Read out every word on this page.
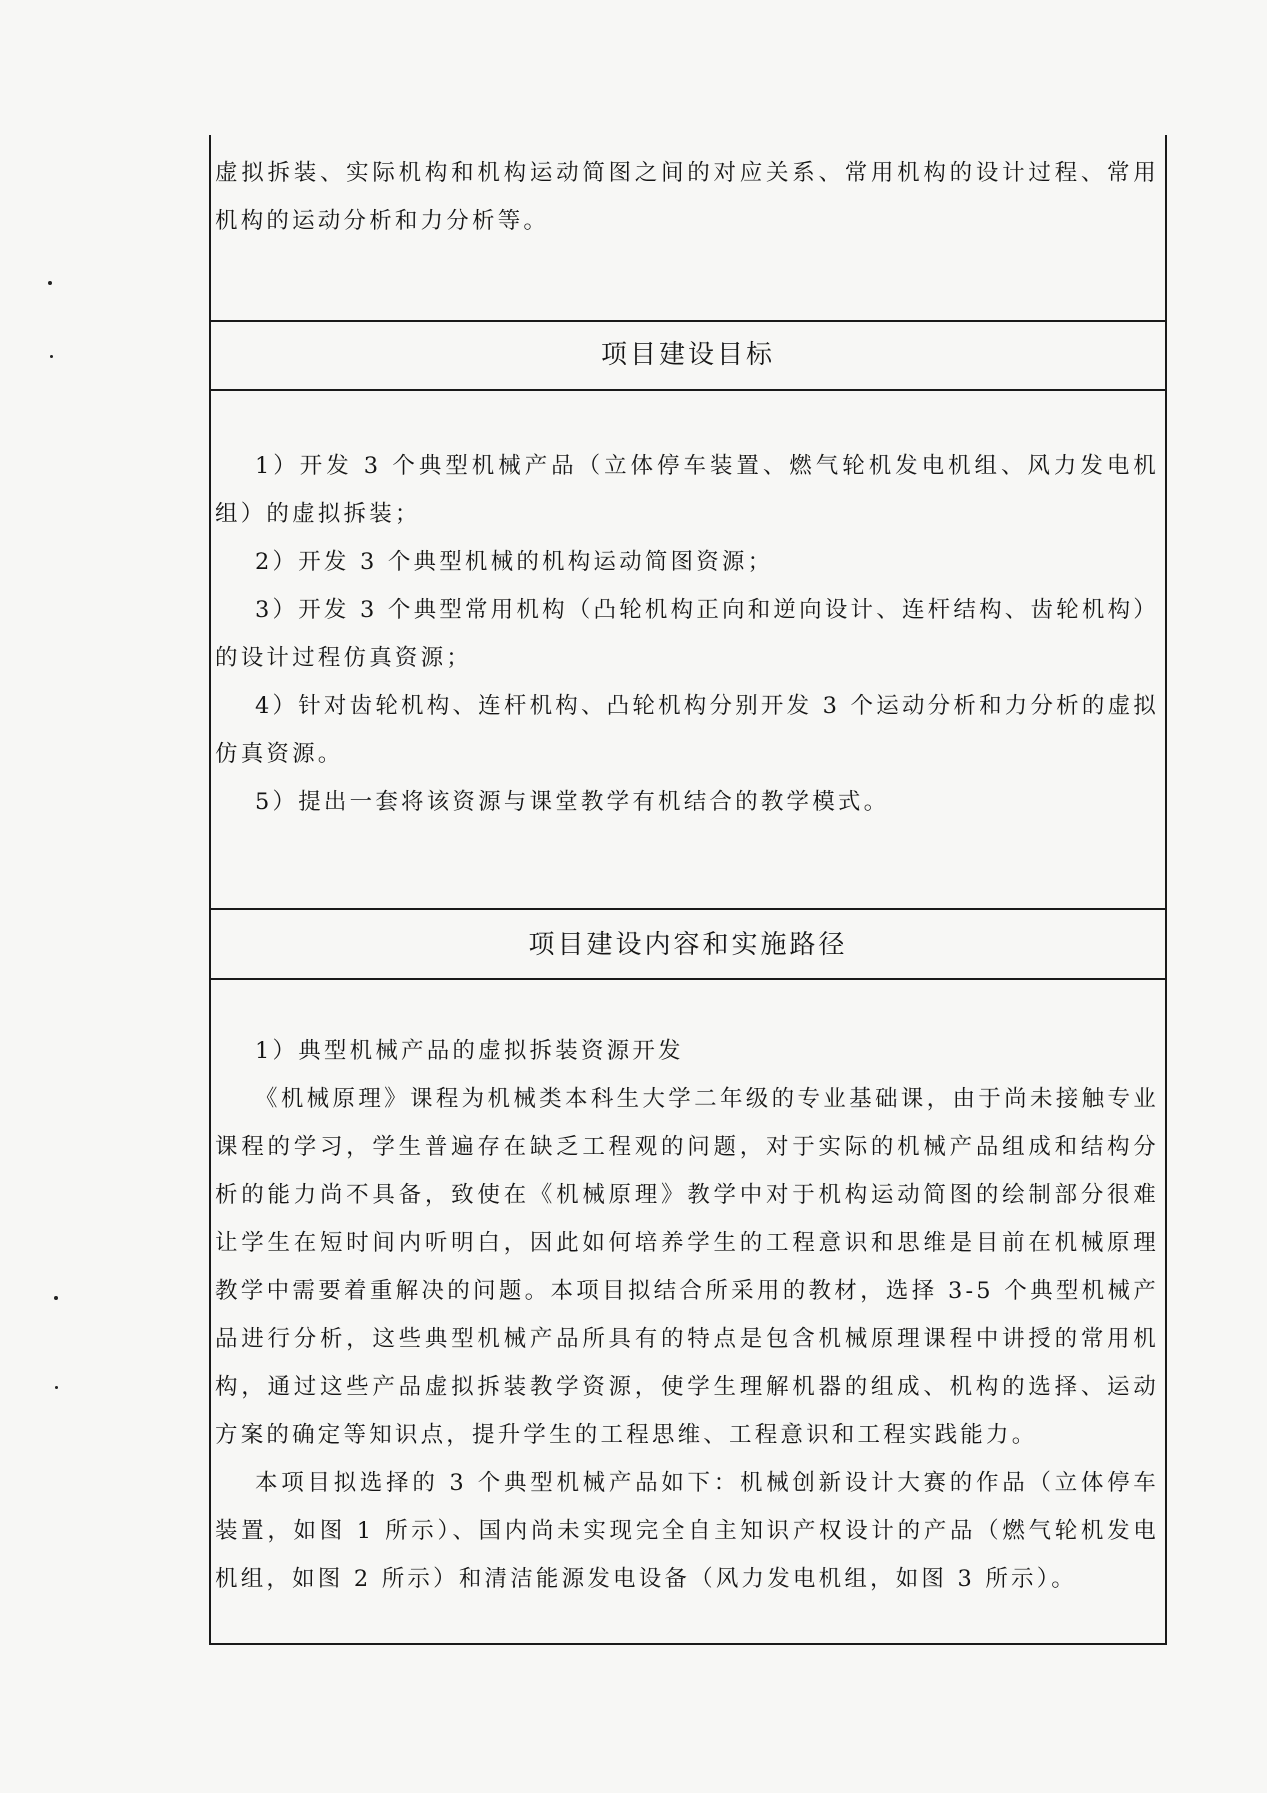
虚拟拆装、实际机构和机构运动简图之间的对应关系、常用机构的设计过程、常用机构的运动分析和力分析等。

项目建设目标

1）开发 3 个典型机械产品（立体停车装置、燃气轮机发电机组、风力发电机组）的虚拟拆装；

2）开发 3 个典型机械的机构运动简图资源；

3）开发 3 个典型常用机构（凸轮机构正向和逆向设计、连杆结构、齿轮机构）的设计过程仿真资源；

4）针对齿轮机构、连杆机构、凸轮机构分别开发 3 个运动分析和力分析的虚拟仿真资源。

5）提出一套将该资源与课堂教学有机结合的教学模式。

项目建设内容和实施路径

1）典型机械产品的虚拟拆装资源开发

《机械原理》课程为机械类本科生大学二年级的专业基础课，由于尚未接触专业课程的学习，学生普遍存在缺乏工程观的问题，对于实际的机械产品组成和结构分析的能力尚不具备，致使在《机械原理》教学中对于机构运动简图的绘制部分很难让学生在短时间内听明白，因此如何培养学生的工程意识和思维是目前在机械原理教学中需要着重解决的问题。本项目拟结合所采用的教材，选择 3-5 个典型机械产品进行分析，这些典型机械产品所具有的特点是包含机械原理课程中讲授的常用机构，通过这些产品虚拟拆装教学资源，使学生理解机器的组成、机构的选择、运动方案的确定等知识点，提升学生的工程思维、工程意识和工程实践能力。

本项目拟选择的 3 个典型机械产品如下：机械创新设计大赛的作品（立体停车装置，如图 1 所示）、国内尚未实现完全自主知识产权设计的产品（燃气轮机发电机组，如图 2 所示）和清洁能源发电设备（风力发电机组，如图 3 所示）。
